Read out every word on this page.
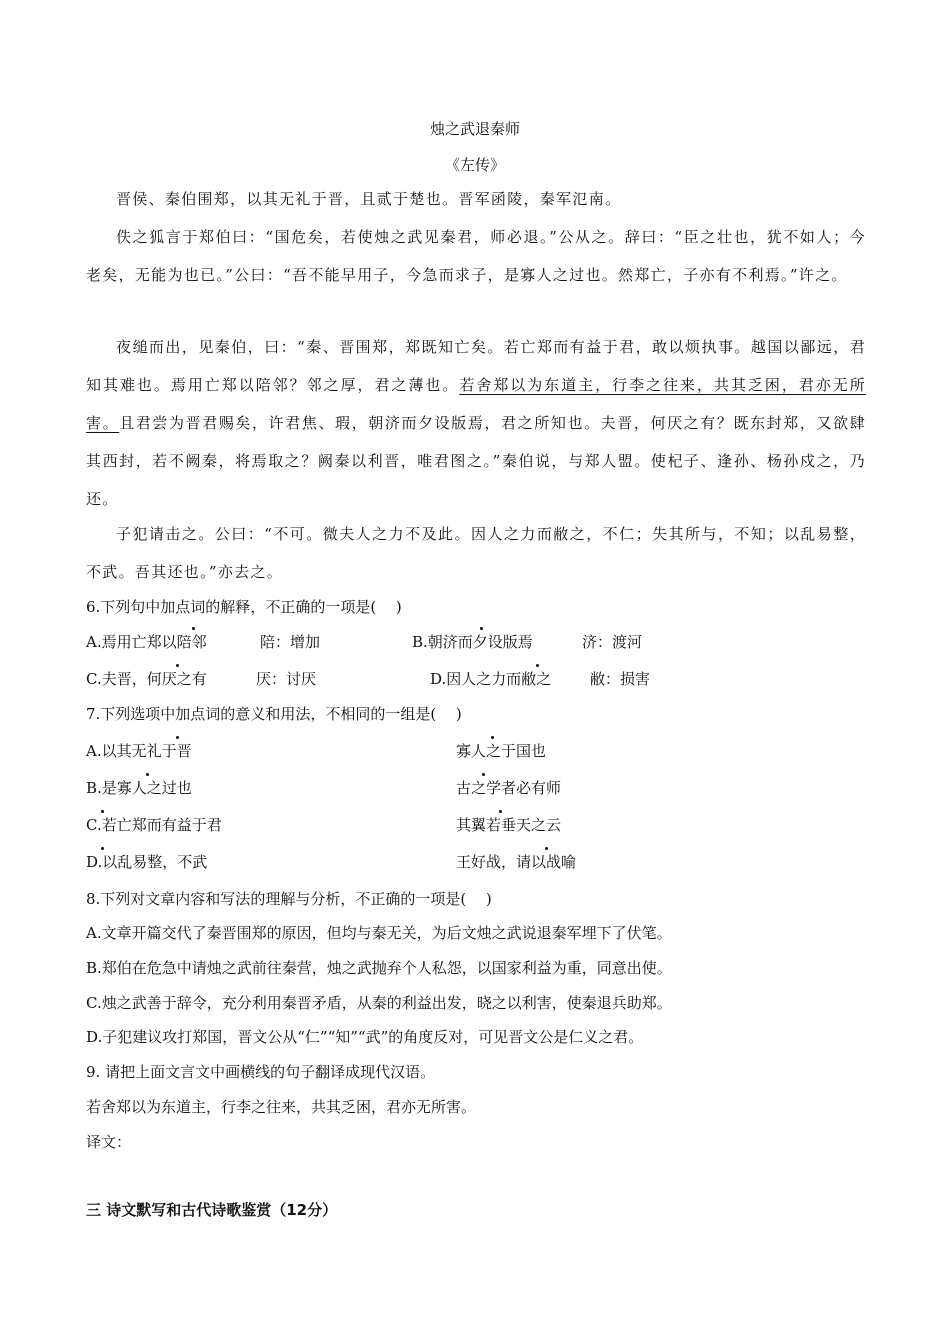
烛之武退秦师
《左传》
晋侯、秦伯围郑，以其无礼于晋，且贰于楚也。晋军函陵，秦军氾南。
佚之狐言于郑伯曰：“国危矣，若使烛之武见秦君，师必退。”公从之。辞曰：“臣之壮也，犹不如人；今老矣，无能为也已。”公曰：“吾不能早用子，今急而求子，是寡人之过也。然郑亡，子亦有不利焉。”许之。
夜缒而出，见秦伯，曰：“秦、晋围郑，郑既知亡矣。若亡郑而有益于君，敢以烦执事。越国以鄙远，君知其难也。焉用亡郑以陪邻？邻之厚，君之薄也。若舍郑以为东道主，行李之往来，共其乏困，君亦无所害。且君尝为晋君赐矣，许君焦、瑕，朝济而夕设版焉，君之所知也。夫晋，何厌之有？既东封郑，又欲肆其西封，若不阙秦，将焉取之？阙秦以利晋，唯君图之。”秦伯说，与郑人盟。使杞子、逢孙、杨孙戍之，乃还。
子犯请击之。公曰：“不可。微夫人之力不及此。因人之力而敝之，不仁；失其所与，不知；以乱易整，不武。吾其还也。”亦去之。
6.下列句中加点词的解释，不正确的一项是(　 )
A.焉用亡郑以陪邻	陪：增加	B.朝济而夕设版焉	济：渡河
C.夫晋，何厌之有	厌：讨厌	D.因人之力而敝之	敝：损害
7.下列选项中加点词的意义和用法，不相同的一组是(　 )
A.以其无礼于晋	寡人之于国也
B.是寡人之过也	古之学者必有师
C.若亡郑而有益于君	其翼若垂天之云
D.以乱易整，不武	王好战，请以战喻
8.下列对文章内容和写法的理解与分析，不正确的一项是(　 )
A.文章开篇交代了秦晋围郑的原因，但均与秦无关，为后文烛之武说退秦军埋下了伏笔。
B.郑伯在危急中请烛之武前往秦营，烛之武抛弃个人私怨，以国家利益为重，同意出使。
C.烛之武善于辞令，充分利用秦晋矛盾，从秦的利益出发，晓之以利害，使秦退兵助郑。
D.子犯建议攻打郑国，晋文公从“仁”“知”“武”的角度反对，可见晋文公是仁义之君。
9. 请把上面文言文中画横线的句子翻译成现代汉语。
若舍郑以为东道主，行李之往来，共其乏困，君亦无所害。
译文：
三 诗文默写和古代诗歌鉴赏（12分）
